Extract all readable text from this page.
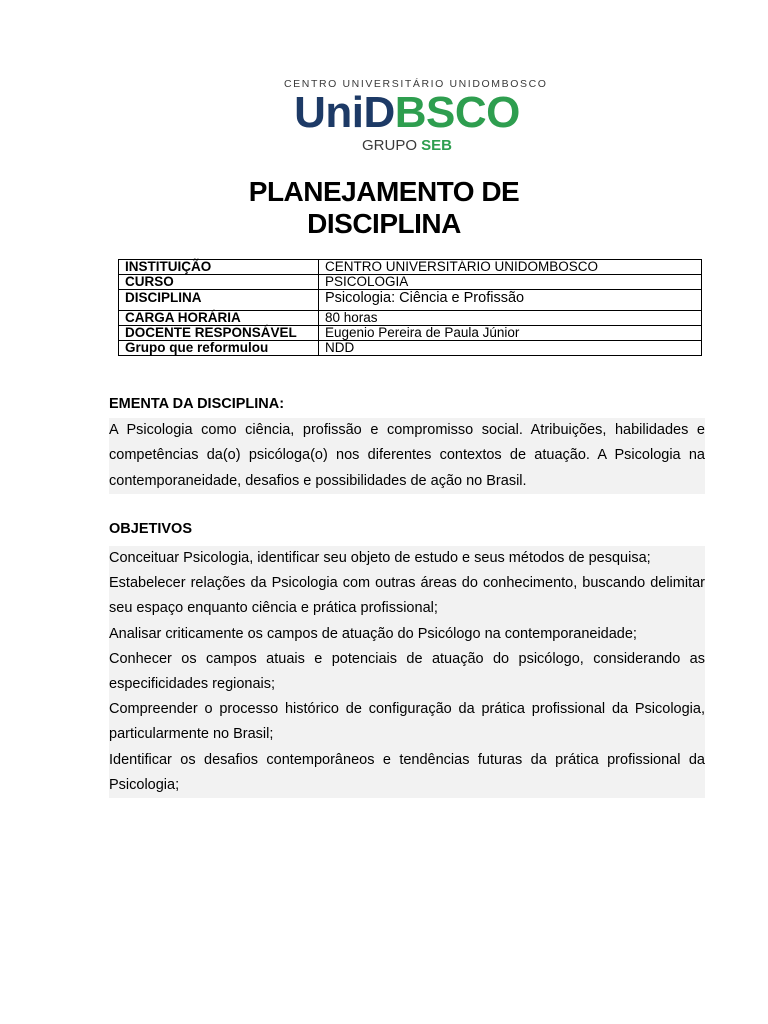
CENTRO UNIVERSITÁRIO UNIDOMBOSCO
UniDBSCO
GRUPO SEB
PLANEJAMENTO DE
DISCIPLINA
INSTITUIÇÃO	CENTRO UNIVERSITÁRIO UNIDOMBOSCO
CURSO	PSICOLOGIA
DISCIPLINA	Psicologia: Ciência e Profissão
CARGA HORÁRIA	80 horas
DOCENTE RESPONSÁVEL	Eugenio Pereira de Paula Júnior
Grupo que reformulou	NDD
EMENTA DA DISCIPLINA:
A Psicologia como ciência, profissão e compromisso social. Atribuições, habilidades e
competências da(o) psicóloga(o) nos diferentes contextos de atuação. A Psicologia na
contemporaneidade, desafios e possibilidades de ação no Brasil.
OBJETIVOS
Conceituar Psicologia, identificar seu objeto de estudo e seus métodos de pesquisa;
Estabelecer relações da Psicologia com outras áreas do conhecimento, buscando delimitar seu espaço enquanto ciência e prática profissional;
Analisar criticamente os campos de atuação do Psicólogo na contemporaneidade;
Conhecer os campos atuais e potenciais de atuação do psicólogo, considerando as especificidades regionais;
Compreender o processo histórico de configuração da prática profissional da Psicologia, particularmente no Brasil;
Identificar os desafios contemporâneos e tendências futuras da prática profissional da Psicologia;
